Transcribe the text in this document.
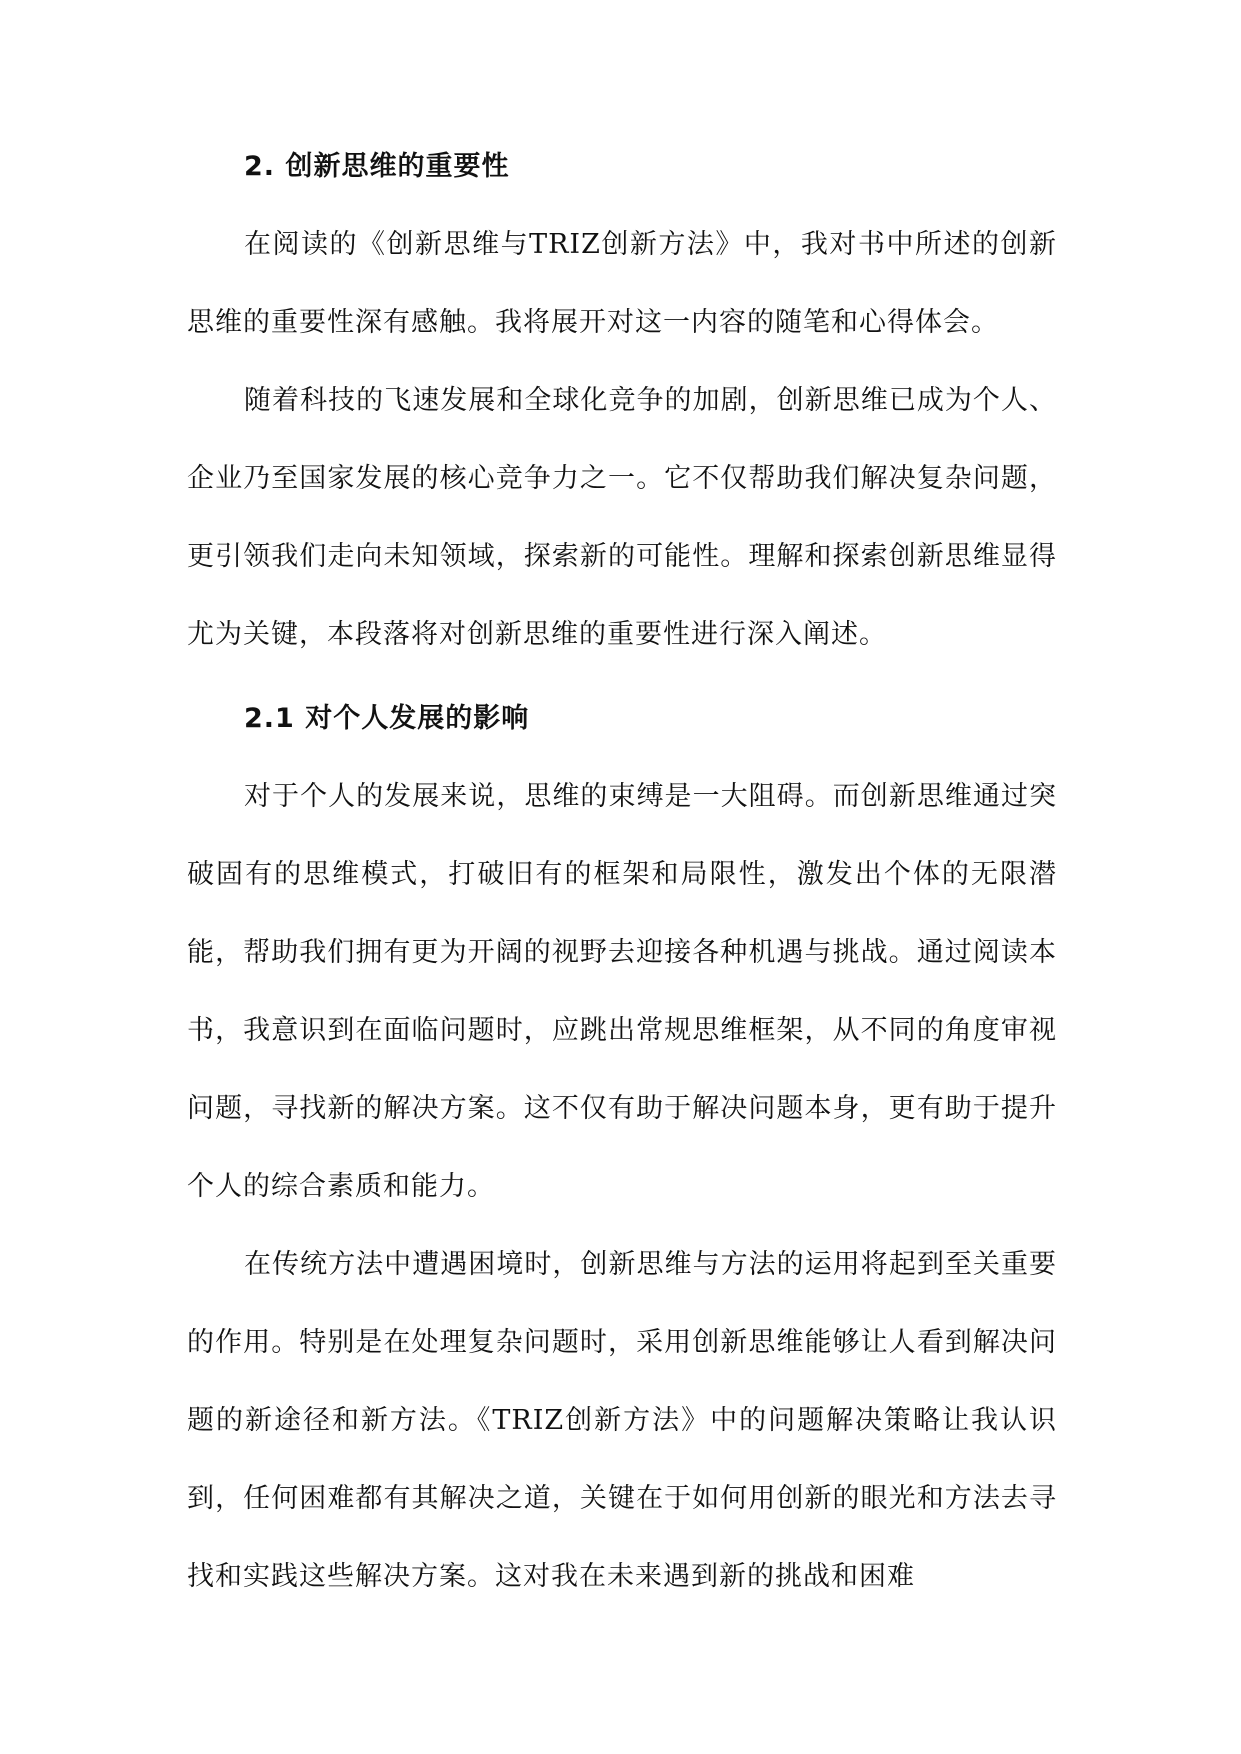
2. 创新思维的重要性

在阅读的《创新思维与TRIZ创新方法》中，我对书中所述的创新思维的重要性深有感触。我将展开对这一内容的随笔和心得体会。

随着科技的飞速发展和全球化竞争的加剧，创新思维已成为个人、企业乃至国家发展的核心竞争力之一。它不仅帮助我们解决复杂问题，更引领我们走向未知领域，探索新的可能性。理解和探索创新思维显得尤为关键，本段落将对创新思维的重要性进行深入阐述。

2.1 对个人发展的影响

对于个人的发展来说，思维的束缚是一大阻碍。而创新思维通过突破固有的思维模式，打破旧有的框架和局限性，激发出个体的无限潜能，帮助我们拥有更为开阔的视野去迎接各种机遇与挑战。通过阅读本书，我意识到在面临问题时，应跳出常规思维框架，从不同的角度审视问题，寻找新的解决方案。这不仅有助于解决问题本身，更有助于提升个人的综合素质和能力。

在传统方法中遭遇困境时，创新思维与方法的运用将起到至关重要的作用。特别是在处理复杂问题时，采用创新思维能够让人看到解决问题的新途径和新方法。《TRIZ创新方法》中的问题解决策略让我认识到，任何困难都有其解决之道，关键在于如何用创新的眼光和方法去寻找和实践这些解决方案。这对我在未来遇到新的挑战和困难
